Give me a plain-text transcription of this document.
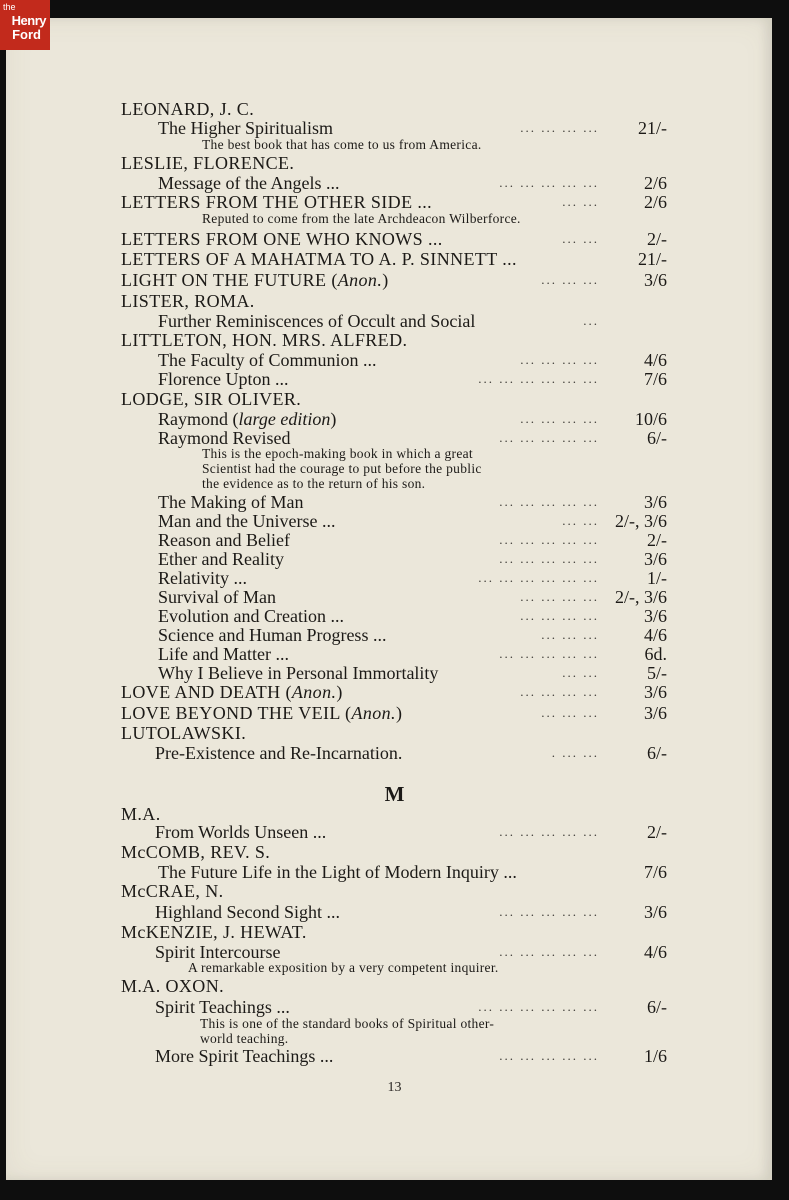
the
Henry
Ford
LEONARD, J. C.
The Higher Spiritualism	... ... ... ... 21/-
The best book that has come to us from America.
LESLIE, FLORENCE.
Message of the Angels ...	... ... ... ... ... 2/6
LETTERS FROM THE OTHER SIDE ...	... ... 2/6
Reputed to come from the late Archdeacon Wilberforce.
LETTERS FROM ONE WHO KNOWS ...	... ...	2/-
LETTERS OF A MAHATMA TO A. P. SINNETT ...	21/-
LIGHT ON THE FUTURE (Anon.)	... ... ... 3/6
LISTER, ROMA.
Further Reminiscences of Occult and Social	...
LITTLETON, HON. MRS. ALFRED.
The Faculty of Communion ...	... ... ... ... 4/6
Florence Upton ...	... ... ... ... ... ... 7/6
LODGE, SIR OLIVER.
Raymond (large edition)	... ... ... ... 10/6
Raymond Revised	... ... ... ... ...	6/-
This is the epoch-making book in which a great
Scientist had the courage to put before the public
the evidence as to the return of his son.
The Making of Man	... ... ... ... ... 3/6
Man and the Universe ...	... ... 2/-, 3/6
Reason and Belief	... ... ... ... ...	2/-
Ether and Reality	... ... ... ... ... 3/6
Relativity ...	... ... ... ... ... ...	1/-
Survival of Man	... ... ... ... 2/-, 3/6
Evolution and Creation ...	... ... ... ... 3/6
Science and Human Progress ...	... ... ... 4/6
Life and Matter ...	... ... ... ... ...	6d.
Why I Believe in Personal Immortality	... ...	5/-
LOVE AND DEATH (Anon.)	... ... ... ... 3/6
LOVE BEYOND THE VEIL (Anon.)	... ... ... 3/6
LUTOLAWSKI.
Pre-Existence and Re-Incarnation.	. ... ...	6/-
M.A.
From Worlds Unseen ...	... ... ... ... ...	2/-
McCOMB, REV. S.
The Future Life in the Light of Modern Inquiry ...	7/6
McCRAE, N.
Highland Second Sight ...	... ... ... ... ... 3/6
McKENZIE, J. HEWAT.
Spirit Intercourse	... ... ... ... ... 4/6
A remarkable exposition by a very competent inquirer.
M.A. OXON.
Spirit Teachings ...	... ... ... ... ... ...	6/-
This is one of the standard books of Spiritual other-
world teaching.
More Spirit Teachings ...	... ... ... ... ... 1/6
M
13
